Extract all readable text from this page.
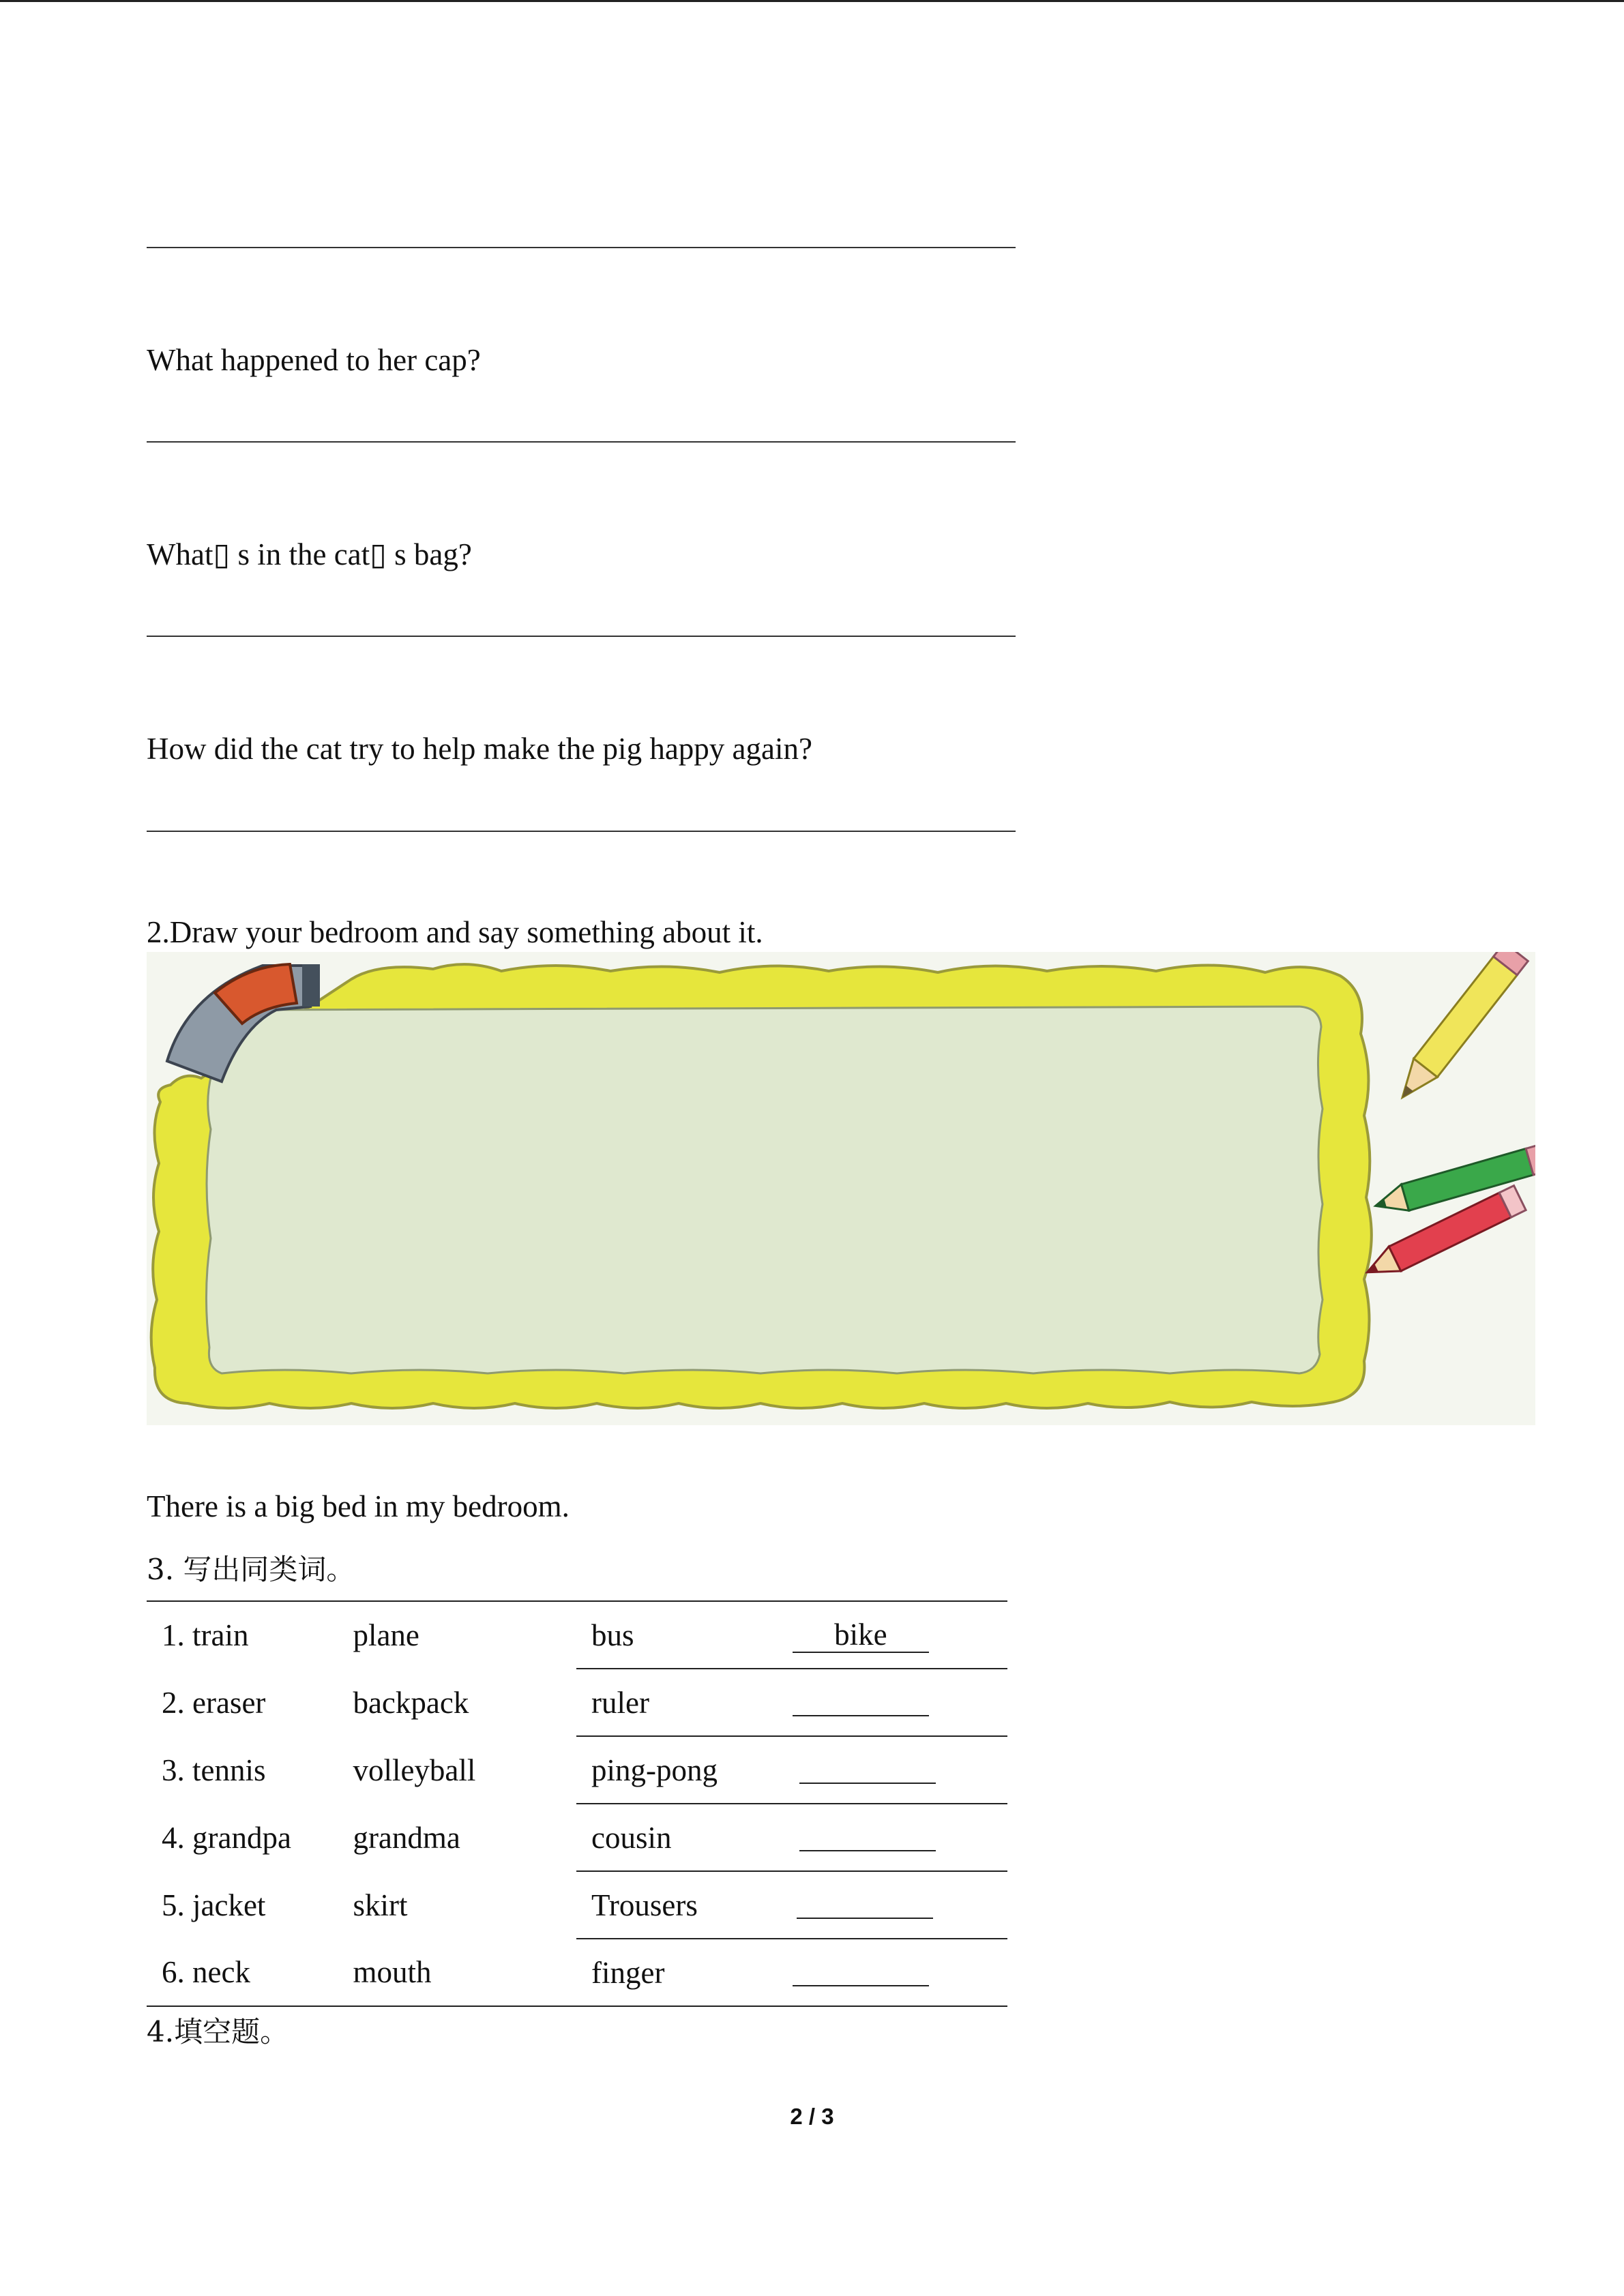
What happened to her cap?
What▯ s in the cat▯ s bag?
How did the cat try to help make the pig happy again?
2.Draw your bedroom and say something about it.
There is a big bed in my bedroom.
3. 写出同类词。
1. train	plane	bus	bike
2. eraser	backpack	ruler	
3. tennis	volleyball	ping-pong	
4. grandpa	grandma	cousin	
5. jacket	skirt	Trousers	
6. neck	mouth	finger	
4.填空题。
2 / 3
